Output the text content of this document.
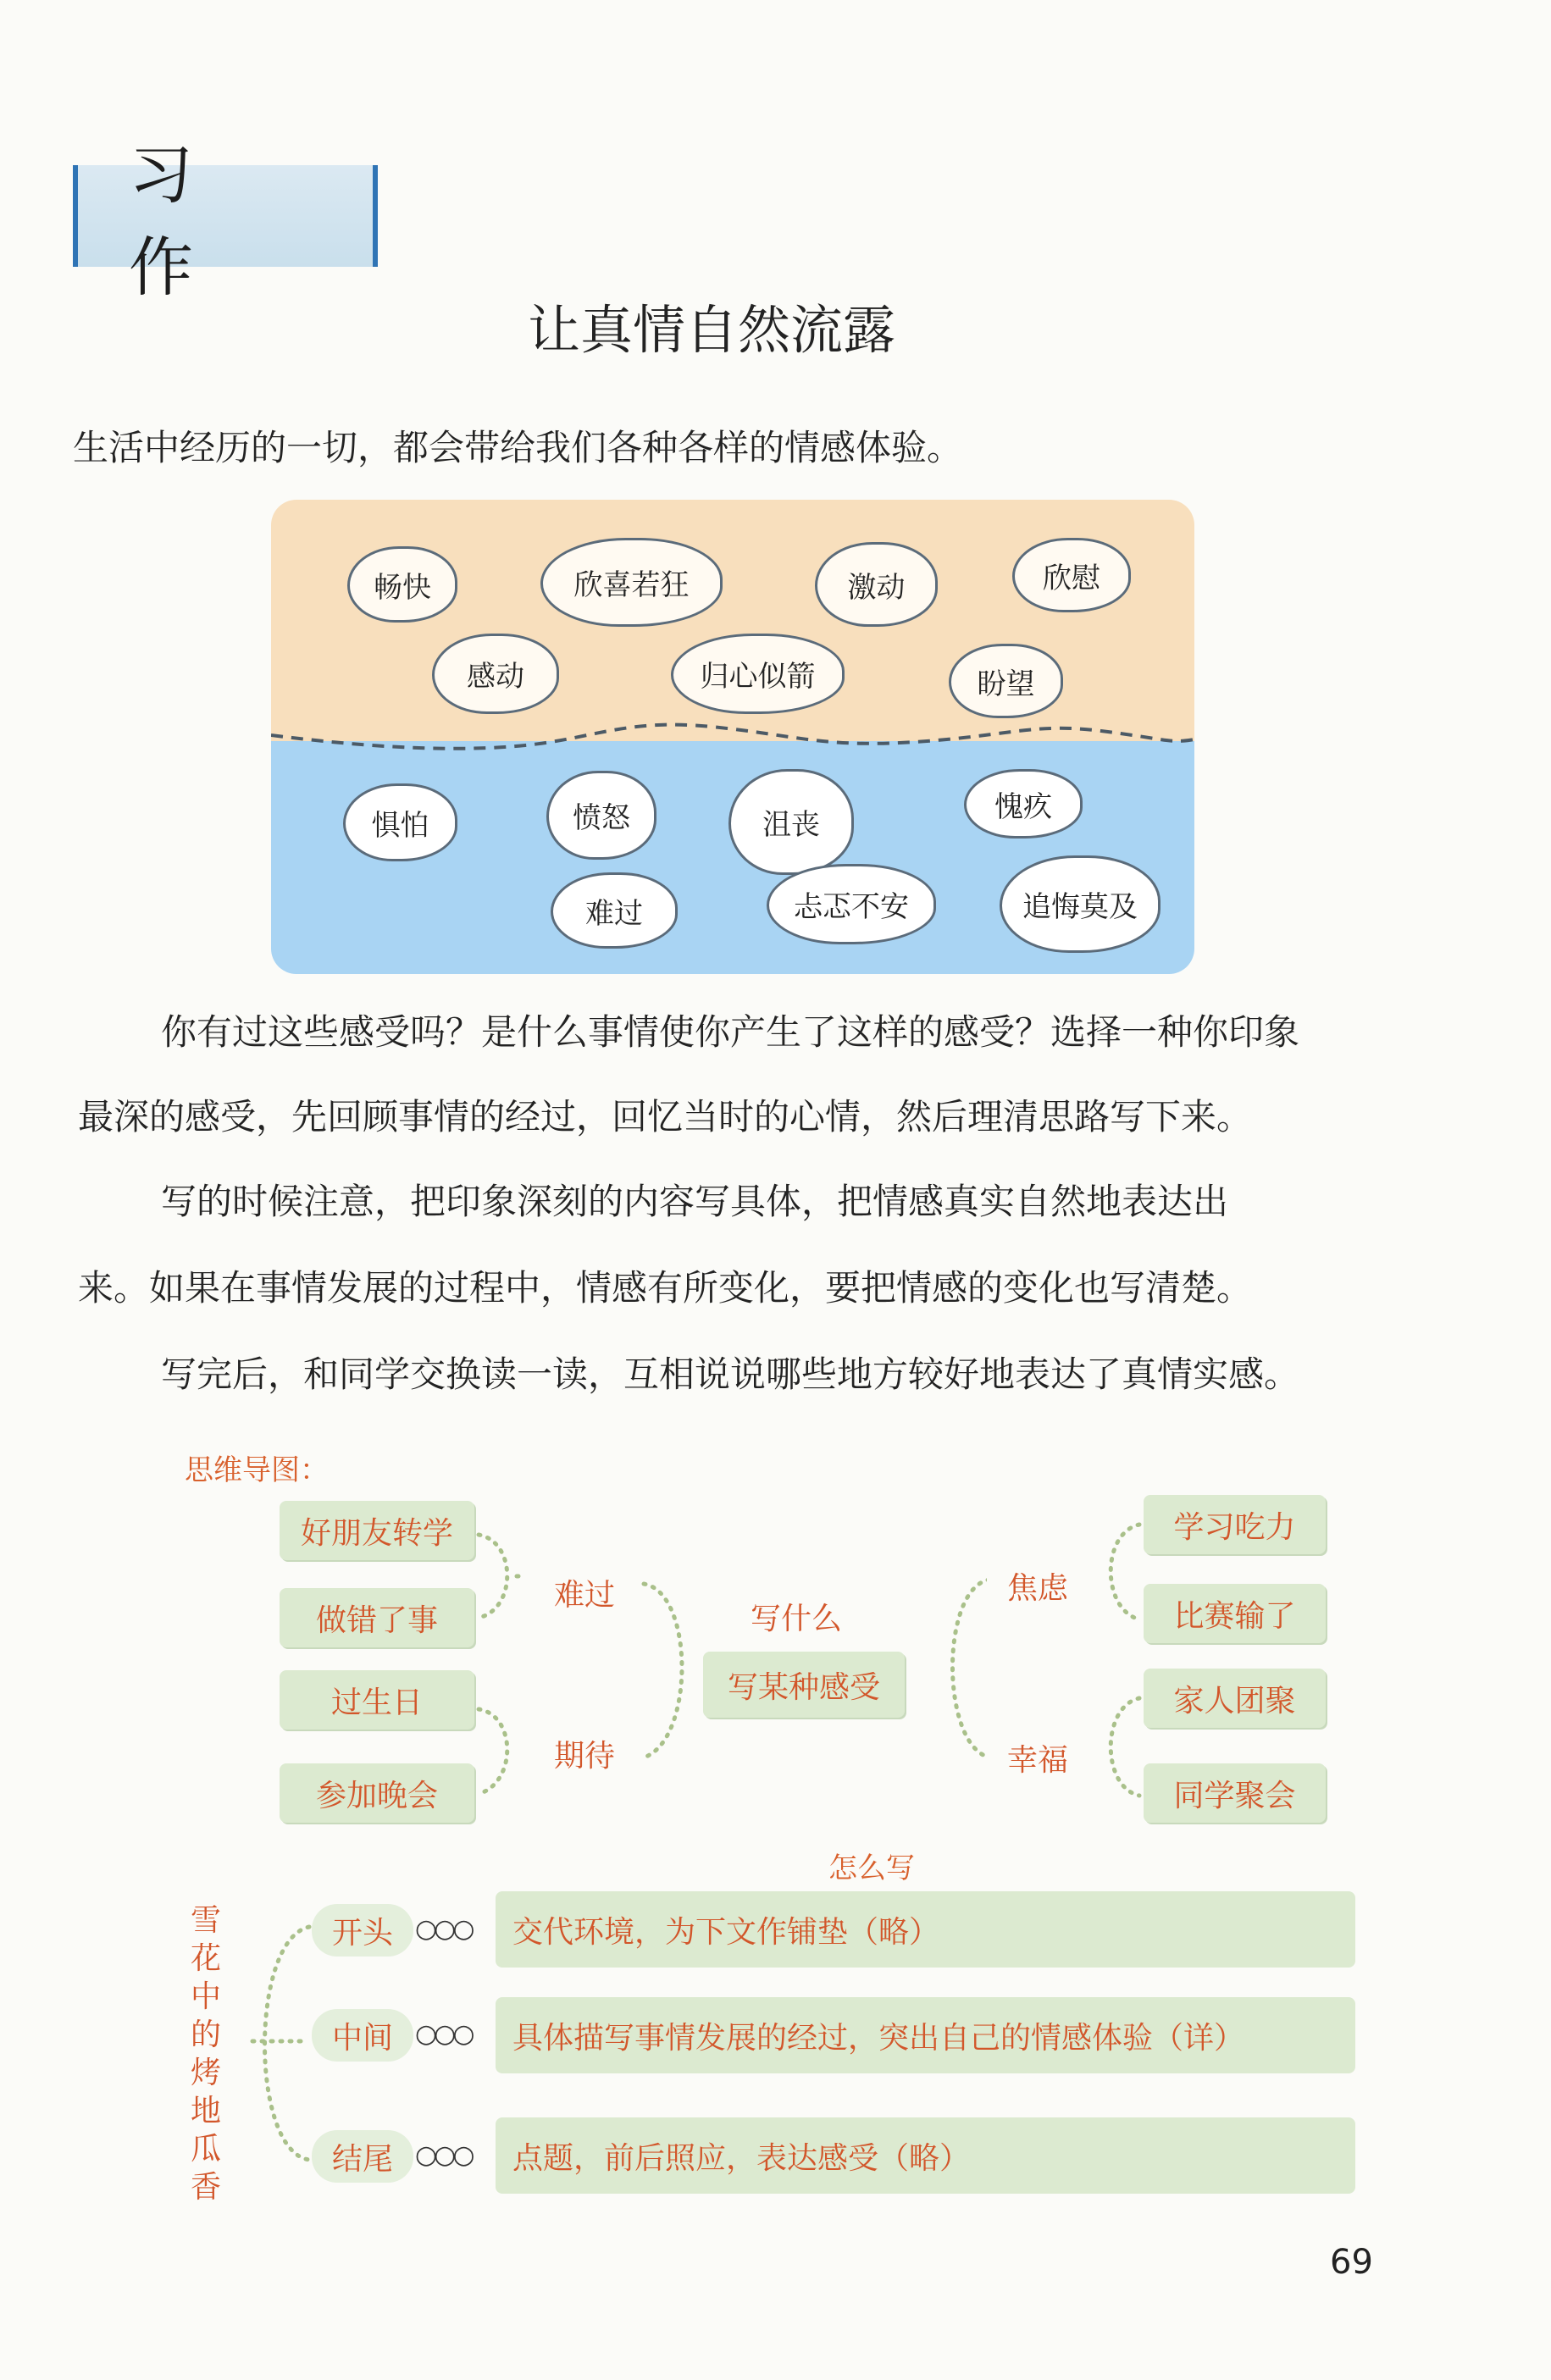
习 作
让真情自然流露
生活中经历的一切，都会带给我们各种各样的情感体验。
畅快	欣喜若狂	激动	欣慰
感动	归心似箭	盼望
惧怕	愤怒	沮丧
愧疚
难过	忐忑不安	追悔莫及
你有过这些感受吗？是什么事情使你产生了这样的感受？选择一种你印象
最深的感受，先回顾事情的经过，回忆当时的心情，然后理清思路写下来。
写的时候注意，把印象深刻的内容写具体，把情感真实自然地表达出
来。如果在事情发展的过程中，情感有所变化，要把情感的变化也写清楚。
写完后，和同学交换读一读，互相说说哪些地方较好地表达了真情实感。
思维导图：
好朋友转学
做错了事
过生日
参加晚会
难过
期待
写什么
写某种感受
焦虑
幸福
学习吃力
比赛输了
家人团聚
同学聚会
怎么写
雪花中的烤地瓜香
开头 ○○○	交代环境，为下文作铺垫（略）
中间 ○○○	具体描写事情发展的经过，突出自己的情感体验（详）
结尾 ○○○	点题，前后照应，表达感受（略）
69
